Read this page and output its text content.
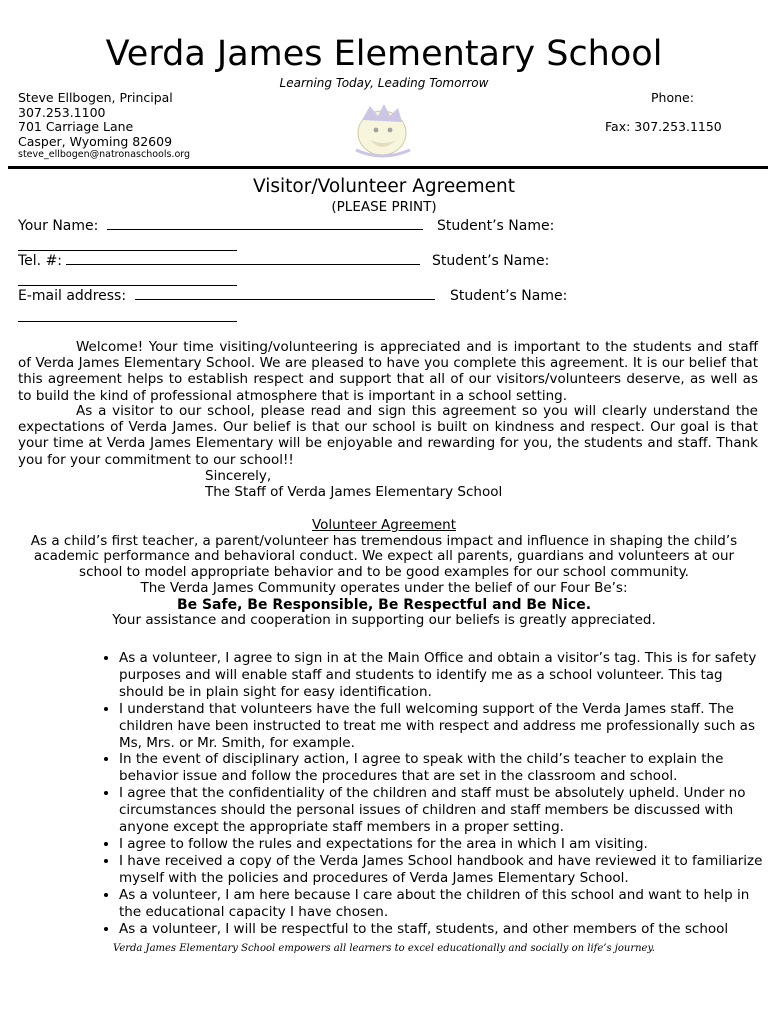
Verda James Elementary School
Learning Today, Leading Tomorrow
Steve Ellbogen, Principal
307.253.1100
701 Carriage Lane
Casper, Wyoming 82609
steve_ellbogen@natronaschools.org
Phone:
Fax: 307.253.1150
Visitor/Volunteer Agreement
(PLEASE PRINT)
Your Name:	Student’s Name:
Tel. #:	Student’s Name:
E-mail address:	Student’s Name:
Welcome! Your time visiting/volunteering is appreciated and is important to the students and staff of Verda James Elementary School. We are pleased to have you complete this agreement. It is our belief that this agreement helps to establish respect and support that all of our visitors/volunteers deserve, as well as to build the kind of professional atmosphere that is important in a school setting.
As a visitor to our school, please read and sign this agreement so you will clearly understand the expectations of Verda James. Our belief is that our school is built on kindness and respect. Our goal is that your time at Verda James Elementary will be enjoyable and rewarding for you, the students and staff. Thank you for your commitment to our school!!
Sincerely,
The Staff of Verda James Elementary School
Volunteer Agreement
As a child’s first teacher, a parent/volunteer has tremendous impact and influence in shaping the child’s academic performance and behavioral conduct. We expect all parents, guardians and volunteers at our school to model appropriate behavior and to be good examples for our school community.
The Verda James Community operates under the belief of our Four Be’s:
Be Safe, Be Responsible, Be Respectful and Be Nice.
Your assistance and cooperation in supporting our beliefs is greatly appreciated.
• As a volunteer, I agree to sign in at the Main Office and obtain a visitor’s tag. This is for safety purposes and will enable staff and students to identify me as a school volunteer. This tag should be in plain sight for easy identification.
• I understand that volunteers have the full welcoming support of the Verda James staff. The children have been instructed to treat me with respect and address me professionally such as Ms, Mrs. or Mr. Smith, for example.
• In the event of disciplinary action, I agree to speak with the child’s teacher to explain the behavior issue and follow the procedures that are set in the classroom and school.
• I agree that the confidentiality of the children and staff must be absolutely upheld. Under no circumstances should the personal issues of children and staff members be discussed with anyone except the appropriate staff members in a proper setting.
• I agree to follow the rules and expectations for the area in which I am visiting.
• I have received a copy of the Verda James School handbook and have reviewed it to familiarize myself with the policies and procedures of Verda James Elementary School.
• As a volunteer, I am here because I care about the children of this school and want to help in the educational capacity I have chosen.
• As a volunteer, I will be respectful to the staff, students, and other members of the school
Verda James Elementary School empowers all learners to excel educationally and socially on life’s journey.
